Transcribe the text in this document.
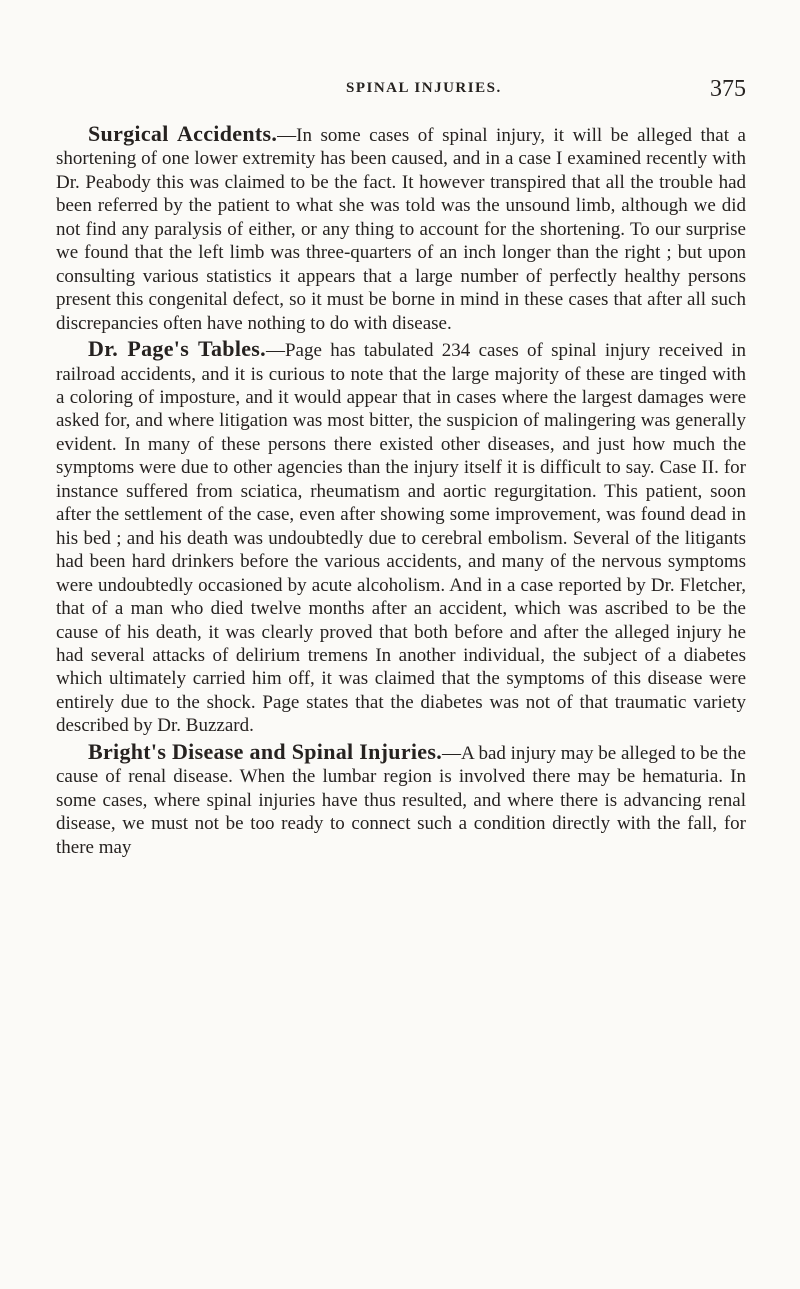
SPINAL INJURIES.	375

Surgical Accidents.—In some cases of spinal injury, it will be alleged that a shortening of one lower extremity has been caused, and in a case I examined recently with Dr. Peabody this was claimed to be the fact. It however transpired that all the trouble had been referred by the patient to what she was told was the unsound limb, although we did not find any paralysis of either, or any thing to account for the shortening. To our surprise we found that the left limb was three-quarters of an inch longer than the right ; but upon consulting various statistics it appears that a large number of perfectly healthy persons present this congenital defect, so it must be borne in mind in these cases that after all such discrepancies often have nothing to do with disease.

Dr. Page's Tables.—Page has tabulated 234 cases of spinal injury received in railroad accidents, and it is curious to note that the large majority of these are tinged with a coloring of imposture, and it would appear that in cases where the largest damages were asked for, and where litigation was most bitter, the suspicion of malingering was generally evident. In many of these persons there existed other diseases, and just how much the symptoms were due to other agencies than the injury itself it is difficult to say. Case II. for instance suffered from sciatica, rheumatism and aortic regurgitation. This patient, soon after the settlement of the case, even after showing some improvement, was found dead in his bed ; and his death was undoubtedly due to cerebral embolism. Several of the litigants had been hard drinkers before the various accidents, and many of the nervous symptoms were undoubtedly occasioned by acute alcoholism. And in a case reported by Dr. Fletcher, that of a man who died twelve months after an accident, which was ascribed to be the cause of his death, it was clearly proved that both before and after the alleged injury he had several attacks of delirium tremens In another individual, the subject of a diabetes which ultimately carried him off, it was claimed that the symptoms of this disease were entirely due to the shock. Page states that the diabetes was not of that traumatic variety described by Dr. Buzzard.

Bright's Disease and Spinal Injuries.—A bad injury may be alleged to be the cause of renal disease. When the lumbar region is involved there may be hematuria. In some cases, where spinal injuries have thus resulted, and where there is advancing renal disease, we must not be too ready to connect such a condition directly with the fall, for there may
